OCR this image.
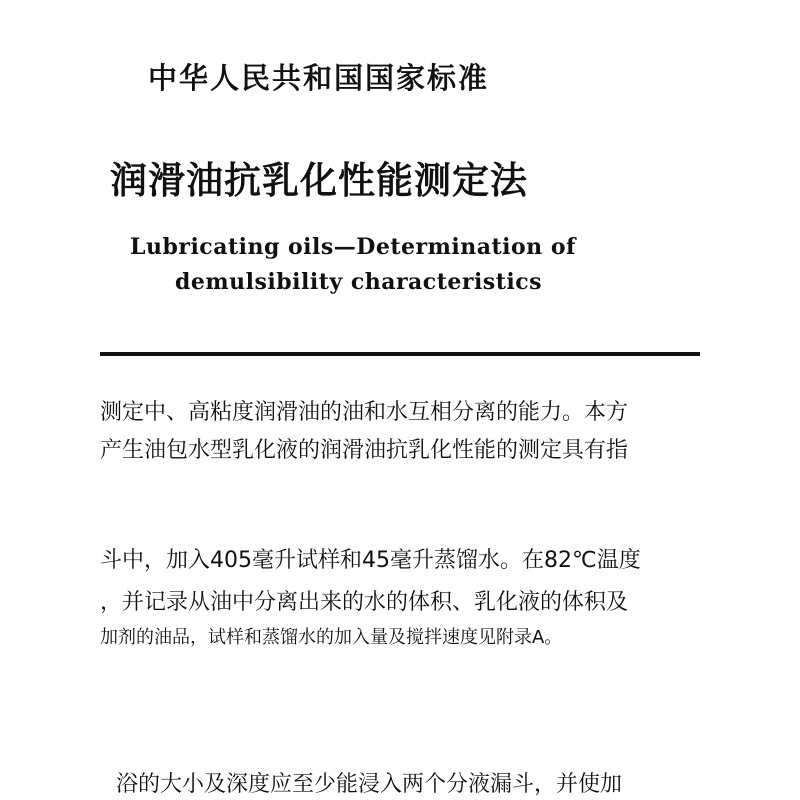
中华人民共和国国家标准
润滑油抗乳化性能测定法
Lubricating oils—Determination of
demulsibility characteristics
测定中、高粘度润滑油的油和水互相分离的能力。本方
产生油包水型乳化液的润滑油抗乳化性能的测定具有指
斗中，加入405毫升试样和45毫升蒸馏水。在82℃温度
，并记录从油中分离出来的水的体积、乳化液的体积及
加剂的油品，试样和蒸馏水的加入量及搅拌速度见附录A。
浴的大小及深度应至少能浸入两个分液漏斗，并使加
